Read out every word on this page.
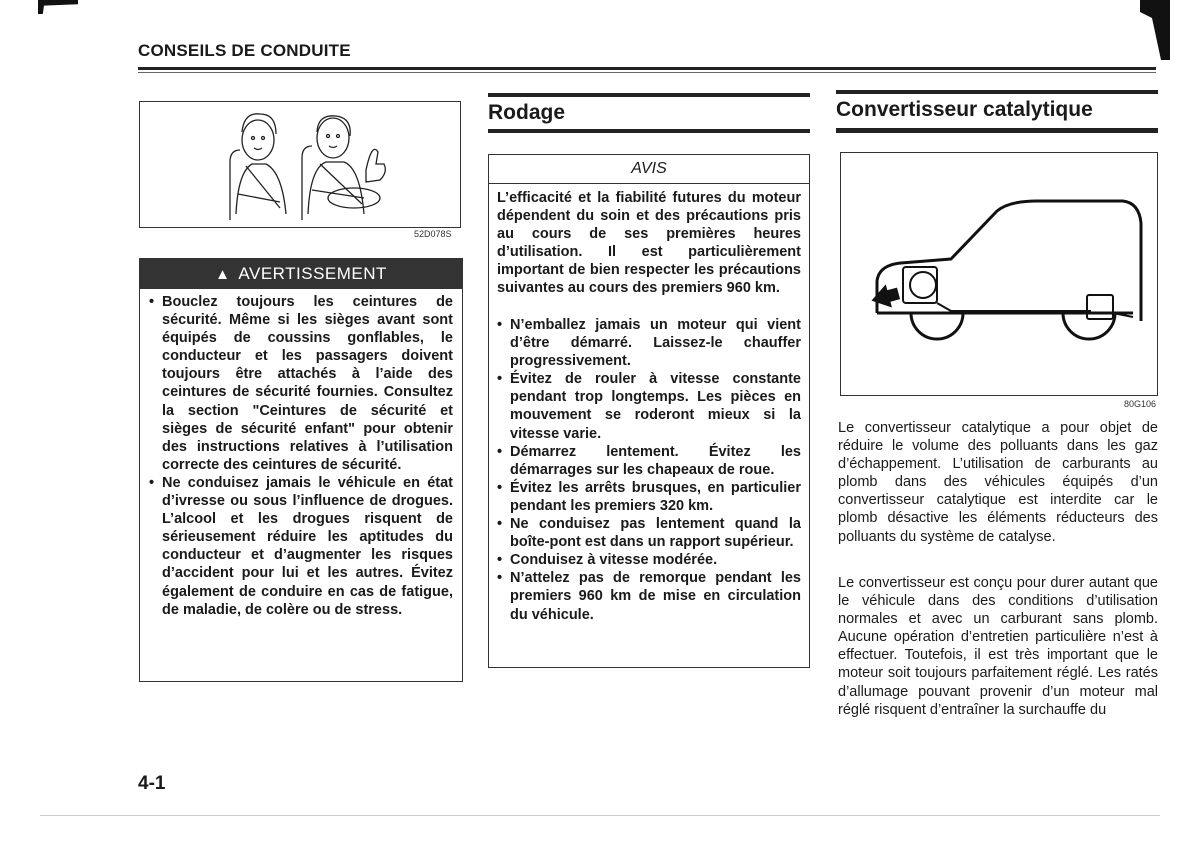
CONSEILS DE CONDUITE
52D078S
▲ AVERTISSEMENT
• Bouclez toujours les ceintures de sécurité. Même si les sièges avant sont équipés de coussins gonflables, le conducteur et les passagers doivent toujours être attachés à l’aide des ceintures de sécurité fournies. Consultez la section "Ceintures de sécurité et sièges de sécurité enfant" pour obtenir des instructions relatives à l’utilisation correcte des ceintures de sécurité.
• Ne conduisez jamais le véhicule en état d’ivresse ou sous l’influence de drogues. L’alcool et les drogues risquent de sérieusement réduire les aptitudes du conducteur et d’augmenter les risques d’accident pour lui et les autres. Évitez également de conduire en cas de fatigue, de maladie, de colère ou de stress.
Rodage
AVIS
L’efficacité et la fiabilité futures du moteur dépendent du soin et des précautions pris au cours de ses premières heures d’utilisation. Il est particulièrement important de bien respecter les précautions suivantes au cours des premiers 960 km.
• N’emballez jamais un moteur qui vient d’être démarré. Laissez-le chauffer progressivement.
• Évitez de rouler à vitesse constante pendant trop longtemps. Les pièces en mouvement se roderont mieux si la vitesse varie.
• Démarrez lentement. Évitez les démarrages sur les chapeaux de roue.
• Évitez les arrêts brusques, en particulier pendant les premiers 320 km.
• Ne conduisez pas lentement quand la boîte-pont est dans un rapport supérieur.
• Conduisez à vitesse modérée.
• N’attelez pas de remorque pendant les premiers 960 km de mise en circulation du véhicule.
Convertisseur catalytique
80G106
Le convertisseur catalytique a pour objet de réduire le volume des polluants dans les gaz d’échappement. L’utilisation de carburants au plomb dans des véhicules équipés d’un convertisseur catalytique est interdite car le plomb désactive les éléments réducteurs des polluants du système de catalyse.
Le convertisseur est conçu pour durer autant que le véhicule dans des conditions d’utilisation normales et avec un carburant sans plomb. Aucune opération d’entretien particulière n’est à effectuer. Toutefois, il est très important que le moteur soit toujours parfaitement réglé. Les ratés d’allumage pouvant provenir d’un moteur mal réglé risquent d’entraîner la surchauffe du
4-1
